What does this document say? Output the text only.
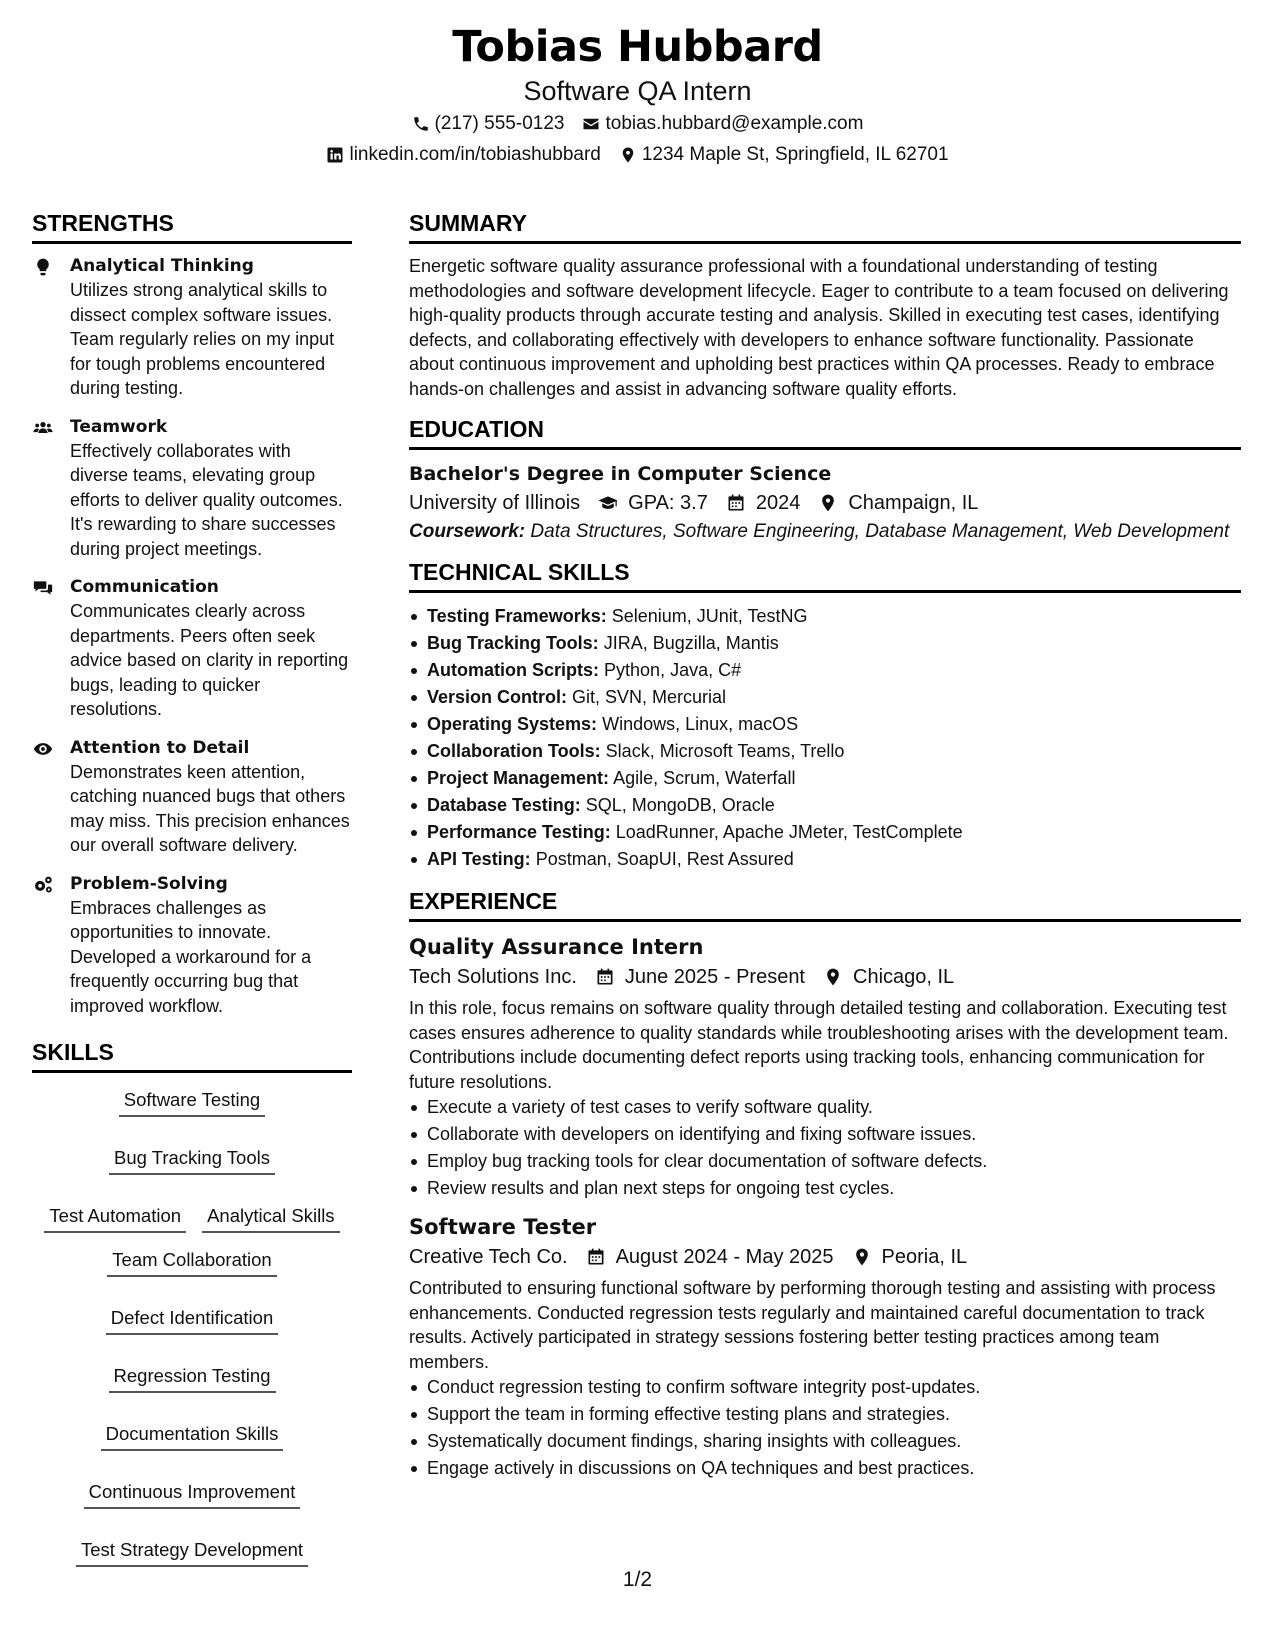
Tobias Hubbard
Software QA Intern
(217) 555-0123 tobias.hubbard@example.com
linkedin.com/in/tobiashubbard 1234 Maple St, Springfield, IL 62701
STRENGTHS
Analytical Thinking
Utilizes strong analytical skills to dissect complex software issues. Team regularly relies on my input for tough problems encountered during testing.
Teamwork
Effectively collaborates with diverse teams, elevating group efforts to deliver quality outcomes. It's rewarding to share successes during project meetings.
Communication
Communicates clearly across departments. Peers often seek advice based on clarity in reporting bugs, leading to quicker resolutions.
Attention to Detail
Demonstrates keen attention, catching nuanced bugs that others may miss. This precision enhances our overall software delivery.
Problem-Solving
Embraces challenges as opportunities to innovate. Developed a workaround for a frequently occurring bug that improved workflow.
SKILLS
Software Testing
Bug Tracking Tools
Test Automation Analytical Skills
Team Collaboration
Defect Identification
Regression Testing
Documentation Skills
Continuous Improvement
Test Strategy Development
SUMMARY
Energetic software quality assurance professional with a foundational understanding of testing methodologies and software development lifecycle. Eager to contribute to a team focused on delivering high-quality products through accurate testing and analysis. Skilled in executing test cases, identifying defects, and collaborating effectively with developers to enhance software functionality. Passionate about continuous improvement and upholding best practices within QA processes. Ready to embrace hands-on challenges and assist in advancing software quality efforts.
EDUCATION
Bachelor's Degree in Computer Science
University of Illinois GPA: 3.7 2024 Champaign, IL
Coursework: Data Structures, Software Engineering, Database Management, Web Development
TECHNICAL SKILLS
Testing Frameworks: Selenium, JUnit, TestNG
Bug Tracking Tools: JIRA, Bugzilla, Mantis
Automation Scripts: Python, Java, C#
Version Control: Git, SVN, Mercurial
Operating Systems: Windows, Linux, macOS
Collaboration Tools: Slack, Microsoft Teams, Trello
Project Management: Agile, Scrum, Waterfall
Database Testing: SQL, MongoDB, Oracle
Performance Testing: LoadRunner, Apache JMeter, TestComplete
API Testing: Postman, SoapUI, Rest Assured
EXPERIENCE
Quality Assurance Intern
Tech Solutions Inc. June 2025 - Present Chicago, IL
In this role, focus remains on software quality through detailed testing and collaboration. Executing test cases ensures adherence to quality standards while troubleshooting arises with the development team. Contributions include documenting defect reports using tracking tools, enhancing communication for future resolutions.
Execute a variety of test cases to verify software quality.
Collaborate with developers on identifying and fixing software issues.
Employ bug tracking tools for clear documentation of software defects.
Review results and plan next steps for ongoing test cycles.
Software Tester
Creative Tech Co. August 2024 - May 2025 Peoria, IL
Contributed to ensuring functional software by performing thorough testing and assisting with process enhancements. Conducted regression tests regularly and maintained careful documentation to track results. Actively participated in strategy sessions fostering better testing practices among team members.
Conduct regression testing to confirm software integrity post-updates.
Support the team in forming effective testing plans and strategies.
Systematically document findings, sharing insights with colleagues.
Engage actively in discussions on QA techniques and best practices.
1/2
